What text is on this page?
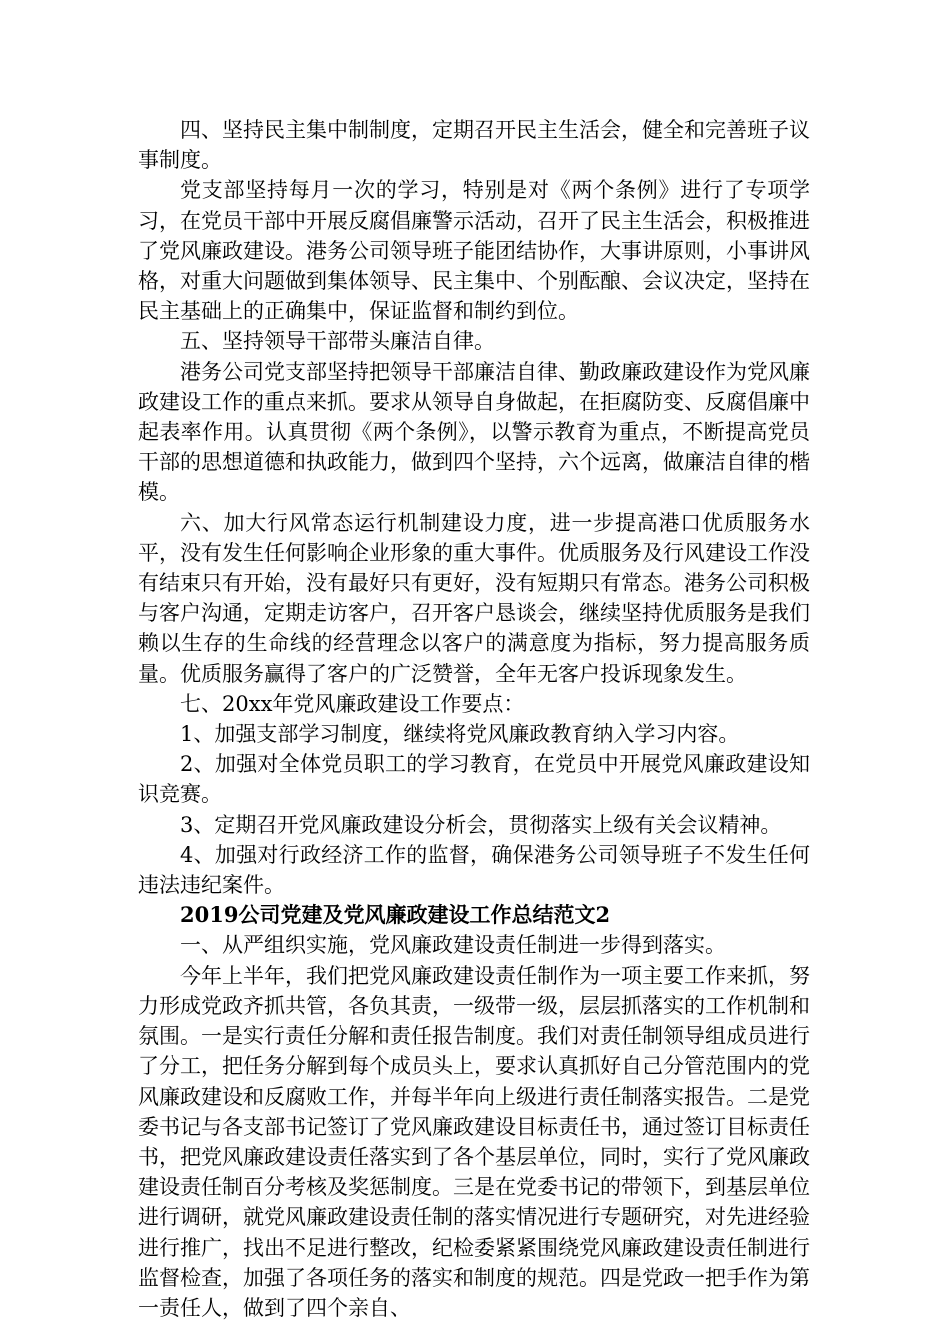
四、坚持民主集中制制度，定期召开民主生活会，健全和完善班子议事制度。

党支部坚持每月一次的学习，特别是对《两个条例》进行了专项学习，在党员干部中开展反腐倡廉警示活动，召开了民主生活会，积极推进了党风廉政建设。港务公司领导班子能团结协作，大事讲原则，小事讲风格，对重大问题做到集体领导、民主集中、个别酝酿、会议决定，坚持在民主基础上的正确集中，保证监督和制约到位。

五、坚持领导干部带头廉洁自律。

港务公司党支部坚持把领导干部廉洁自律、勤政廉政建设作为党风廉政建设工作的重点来抓。要求从领导自身做起，在拒腐防变、反腐倡廉中起表率作用。认真贯彻《两个条例》，以警示教育为重点，不断提高党员干部的思想道德和执政能力，做到四个坚持，六个远离，做廉洁自律的楷模。

六、加大行风常态运行机制建设力度，进一步提高港口优质服务水平，没有发生任何影响企业形象的重大事件。优质服务及行风建设工作没有结束只有开始，没有最好只有更好，没有短期只有常态。港务公司积极与客户沟通，定期走访客户，召开客户恳谈会，继续坚持优质服务是我们赖以生存的生命线的经营理念以客户的满意度为指标，努力提高服务质量。优质服务赢得了客户的广泛赞誉，全年无客户投诉现象发生。

七、20xx年党风廉政建设工作要点：

1、加强支部学习制度，继续将党风廉政教育纳入学习内容。

2、加强对全体党员职工的学习教育，在党员中开展党风廉政建设知识竞赛。

3、定期召开党风廉政建设分析会，贯彻落实上级有关会议精神。

4、加强对行政经济工作的监督，确保港务公司领导班子不发生任何违法违纪案件。

2019公司党建及党风廉政建设工作总结范文2

一、从严组织实施，党风廉政建设责任制进一步得到落实。

今年上半年，我们把党风廉政建设责任制作为一项主要工作来抓，努力形成党政齐抓共管，各负其责，一级带一级，层层抓落实的工作机制和氛围。一是实行责任分解和责任报告制度。我们对责任制领导组成员进行了分工，把任务分解到每个成员头上，要求认真抓好自己分管范围内的党风廉政建设和反腐败工作，并每半年向上级进行责任制落实报告。二是党委书记与各支部书记签订了党风廉政建设目标责任书，通过签订目标责任书，把党风廉政建设责任落实到了各个基层单位，同时，实行了党风廉政建设责任制百分考核及奖惩制度。三是在党委书记的带领下，到基层单位进行调研，就党风廉政建设责任制的落实情况进行专题研究，对先进经验进行推广，找出不足进行整改，纪检委紧紧围绕党风廉政建设责任制进行监督检查，加强了各项任务的落实和制度的规范。四是党政一把手作为第一责任人，做到了四个亲自、
